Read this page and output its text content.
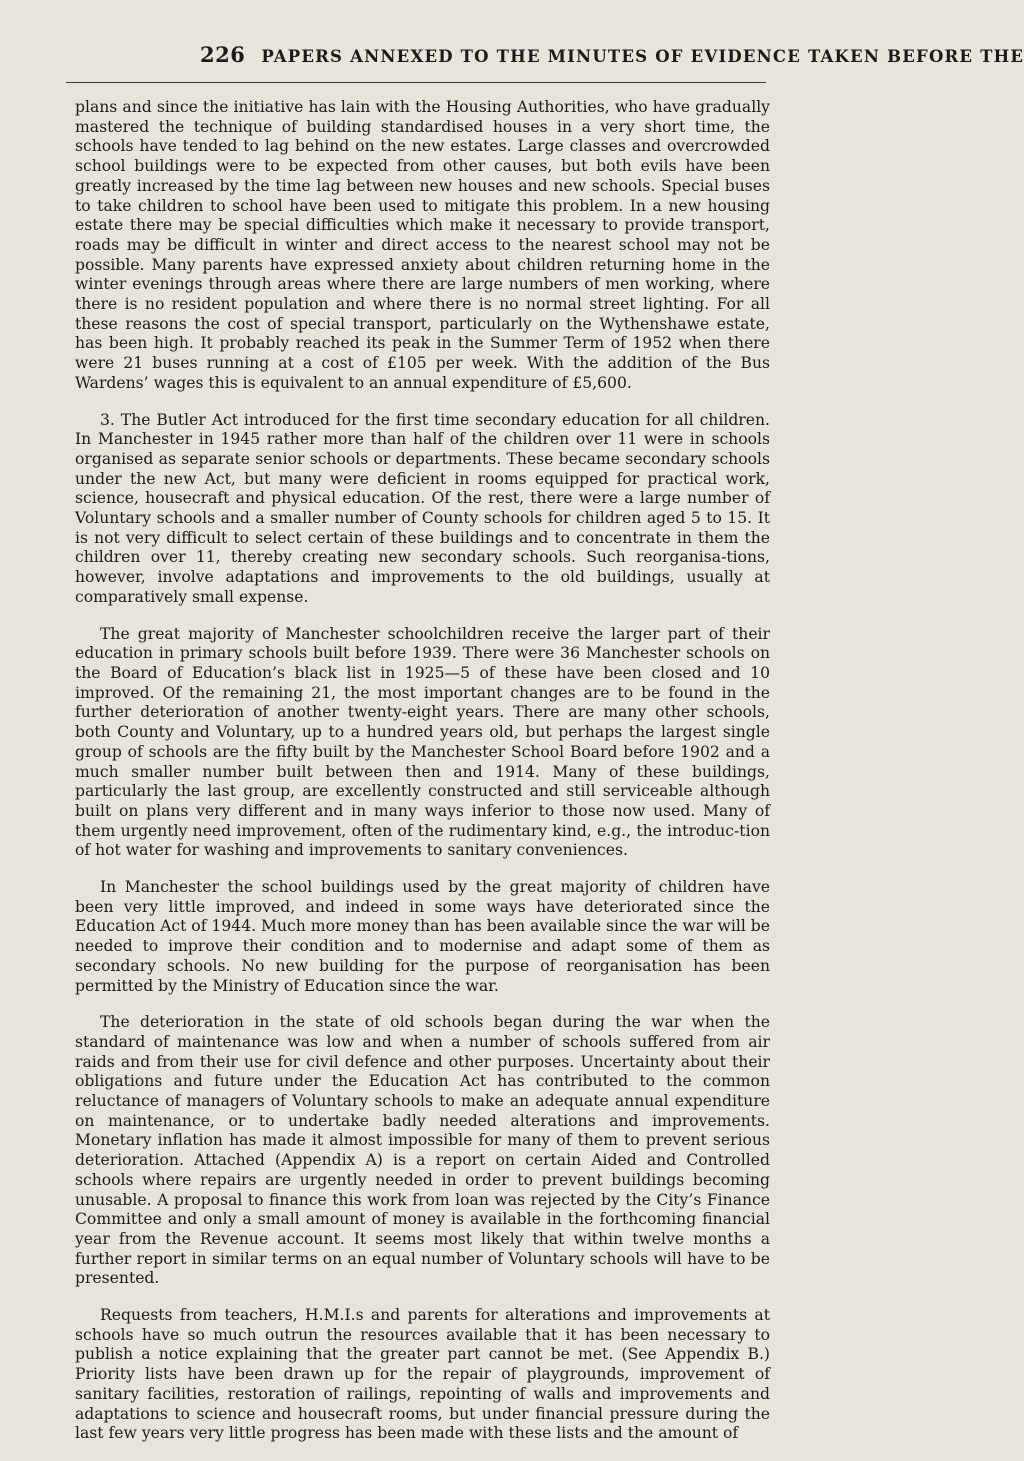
226 PAPERS ANNEXED TO THE MINUTES OF EVIDENCE TAKEN BEFORE THE

plans and since the initiative has lain with the Housing Authorities, who have gradually mastered the technique of building standardised houses in a very short time, the schools have tended to lag behind on the new estates. Large classes and overcrowded school buildings were to be expected from other causes, but both evils have been greatly increased by the time lag between new houses and new schools. Special buses to take children to school have been used to mitigate this problem. In a new housing estate there may be special difficulties which make it necessary to provide transport, roads may be difficult in winter and direct access to the nearest school may not be possible. Many parents have expressed anxiety about children returning home in the winter evenings through areas where there are large numbers of men working, where there is no resident population and where there is no normal street lighting. For all these reasons the cost of special transport, particularly on the Wythenshawe estate, has been high. It probably reached its peak in the Summer Term of 1952 when there were 21 buses running at a cost of £105 per week. With the addition of the Bus Wardens’ wages this is equivalent to an annual expenditure of £5,600.

3. The Butler Act introduced for the first time secondary education for all children. In Manchester in 1945 rather more than half of the children over 11 were in schools organised as separate senior schools or departments. These became secondary schools under the new Act, but many were deficient in rooms equipped for practical work, science, housecraft and physical education. Of the rest, there were a large number of Voluntary schools and a smaller number of County schools for children aged 5 to 15. It is not very difficult to select certain of these buildings and to concentrate in them the children over 11, thereby creating new secondary schools. Such reorganisa-tions, however, involve adaptations and improvements to the old buildings, usually at comparatively small expense.

The great majority of Manchester schoolchildren receive the larger part of their education in primary schools built before 1939. There were 36 Manchester schools on the Board of Education’s black list in 1925—5 of these have been closed and 10 improved. Of the remaining 21, the most important changes are to be found in the further deterioration of another twenty-eight years. There are many other schools, both County and Voluntary, up to a hundred years old, but perhaps the largest single group of schools are the fifty built by the Manchester School Board before 1902 and a much smaller number built between then and 1914. Many of these buildings, particularly the last group, are excellently constructed and still serviceable although built on plans very different and in many ways inferior to those now used. Many of them urgently need improvement, often of the rudimentary kind, e.g., the introduc-tion of hot water for washing and improvements to sanitary conveniences.

In Manchester the school buildings used by the great majority of children have been very little improved, and indeed in some ways have deteriorated since the Education Act of 1944. Much more money than has been available since the war will be needed to improve their condition and to modernise and adapt some of them as secondary schools. No new building for the purpose of reorganisation has been permitted by the Ministry of Education since the war.

The deterioration in the state of old schools began during the war when the standard of maintenance was low and when a number of schools suffered from air raids and from their use for civil defence and other purposes. Uncertainty about their obligations and future under the Education Act has contributed to the common reluctance of managers of Voluntary schools to make an adequate annual expenditure on maintenance, or to undertake badly needed alterations and improvements. Monetary inflation has made it almost impossible for many of them to prevent serious deterioration. Attached (Appendix A) is a report on certain Aided and Controlled schools where repairs are urgently needed in order to prevent buildings becoming unusable. A proposal to finance this work from loan was rejected by the City’s Finance Committee and only a small amount of money is available in the forthcoming financial year from the Revenue account. It seems most likely that within twelve months a further report in similar terms on an equal number of Voluntary schools will have to be presented.

Requests from teachers, H.M.I.s and parents for alterations and improvements at schools have so much outrun the resources available that it has been necessary to publish a notice explaining that the greater part cannot be met. (See Appendix B.) Priority lists have been drawn up for the repair of playgrounds, improvement of sanitary facilities, restoration of railings, repointing of walls and improvements and adaptations to science and housecraft rooms, but under financial pressure during the last few years very little progress has been made with these lists and the amount of
